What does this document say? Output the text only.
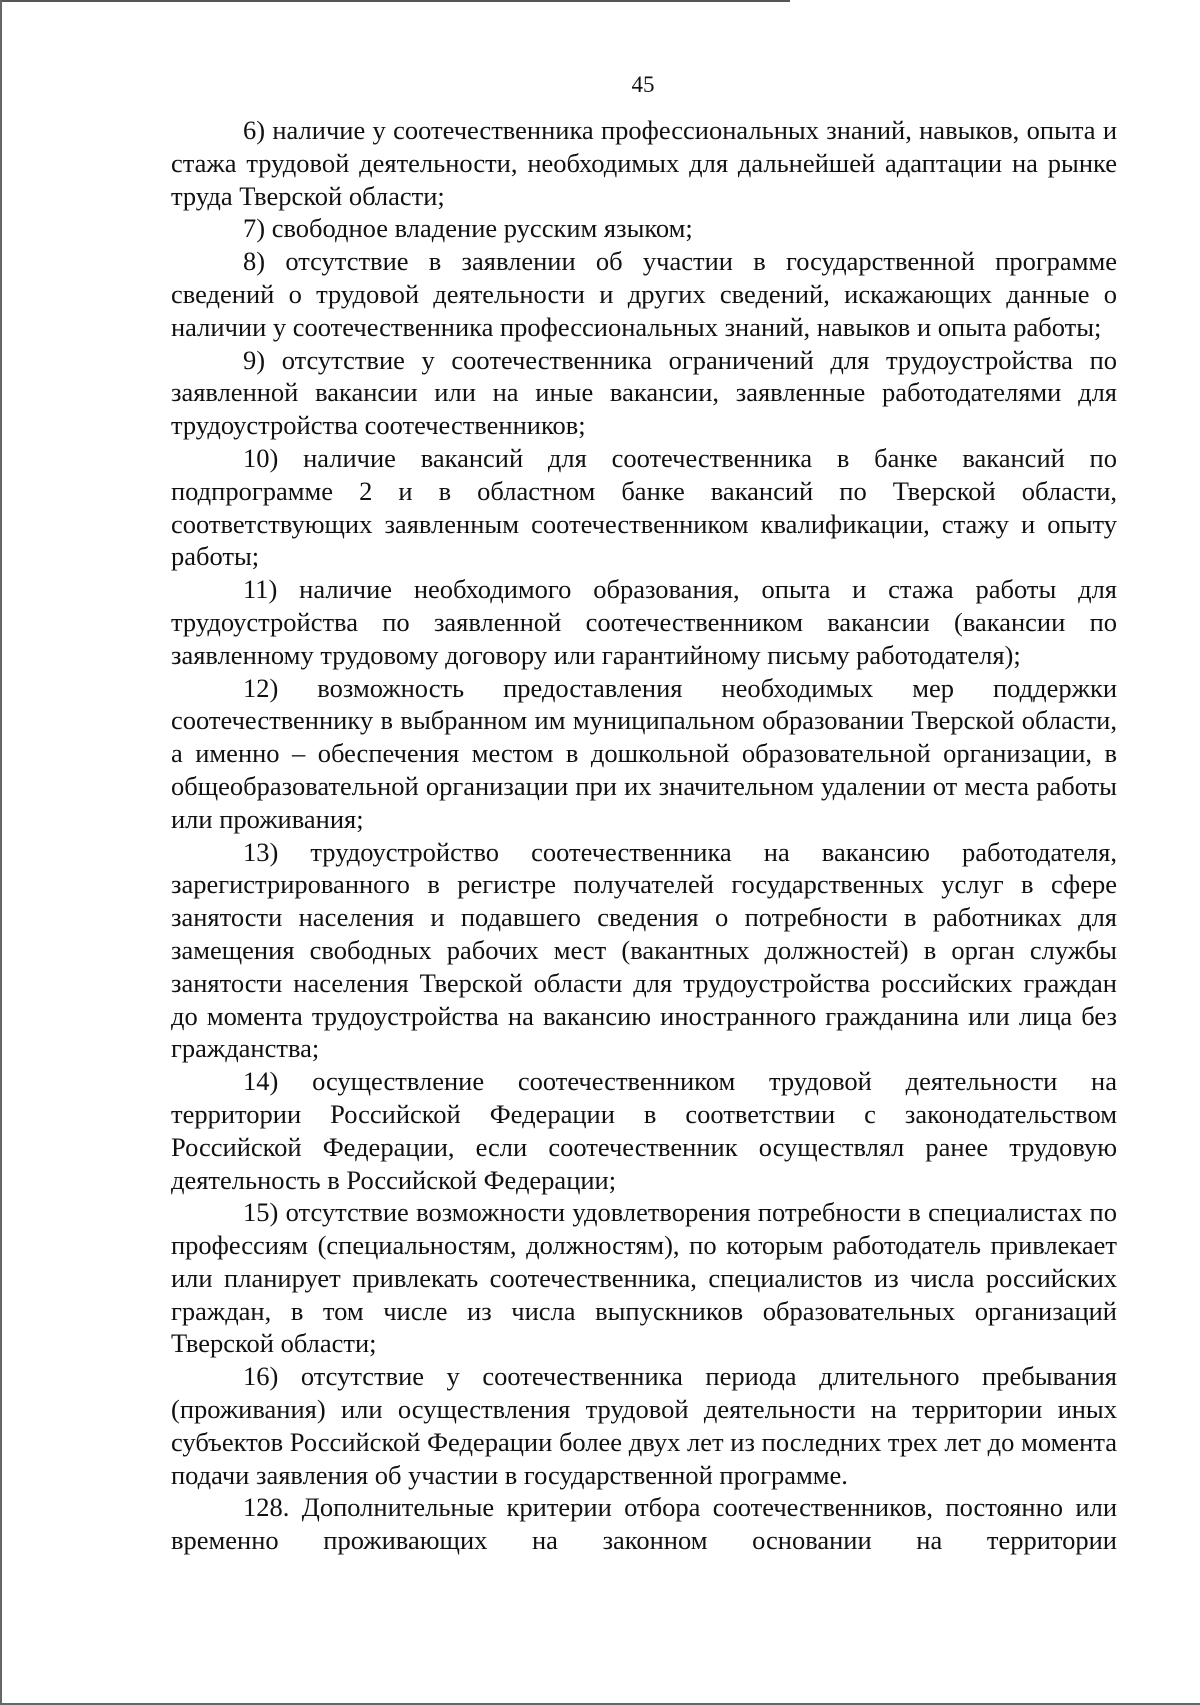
45

6) наличие у соотечественника профессиональных знаний, навыков, опыта и стажа трудовой деятельности, необходимых для дальнейшей адаптации на рынке труда Тверской области;

7) свободное владение русским языком;

8) отсутствие в заявлении об участии в государственной программе сведений о трудовой деятельности и других сведений, искажающих данные о наличии у соотечественника профессиональных знаний, навыков и опыта работы;

9) отсутствие у соотечественника ограничений для трудоустройства по заявленной вакансии или на иные вакансии, заявленные работодателями для трудоустройства соотечественников;

10) наличие вакансий для соотечественника в банке вакансий по подпрограмме 2 и в областном банке вакансий по Тверской области, соответствующих заявленным соотечественником квалификации, стажу и опыту работы;

11) наличие необходимого образования, опыта и стажа работы для трудоустройства по заявленной соотечественником вакансии (вакансии по заявленному трудовому договору или гарантийному письму работодателя);

12) возможность предоставления необходимых мер поддержки соотечественнику в выбранном им муниципальном образовании Тверской области, а именно – обеспечения местом в дошкольной образовательной организации, в общеобразовательной организации при их значительном удалении от места работы или проживания;

13) трудоустройство соотечественника на вакансию работодателя, зарегистрированного в регистре получателей государственных услуг в сфере занятости населения и подавшего сведения о потребности в работниках для замещения свободных рабочих мест (вакантных должностей) в орган службы занятости населения Тверской области для трудоустройства российских граждан до момента трудоустройства на вакансию иностранного гражданина или лица без гражданства;

14) осуществление соотечественником трудовой деятельности на территории Российской Федерации в соответствии с законодательством Российской Федерации, если соотечественник осуществлял ранее трудовую деятельность в Российской Федерации;

15) отсутствие возможности удовлетворения потребности в специалистах по профессиям (специальностям, должностям), по которым работодатель привлекает или планирует привлекать соотечественника, специалистов из числа российских граждан, в том числе из числа выпускников образовательных организаций Тверской области;

16) отсутствие у соотечественника периода длительного пребывания (проживания) или осуществления трудовой деятельности на территории иных субъектов Российской Федерации более двух лет из последних трех лет до момента подачи заявления об участии в государственной программе.

128. Дополнительные критерии отбора соотечественников, постоянно или временно проживающих на законном основании на территории
